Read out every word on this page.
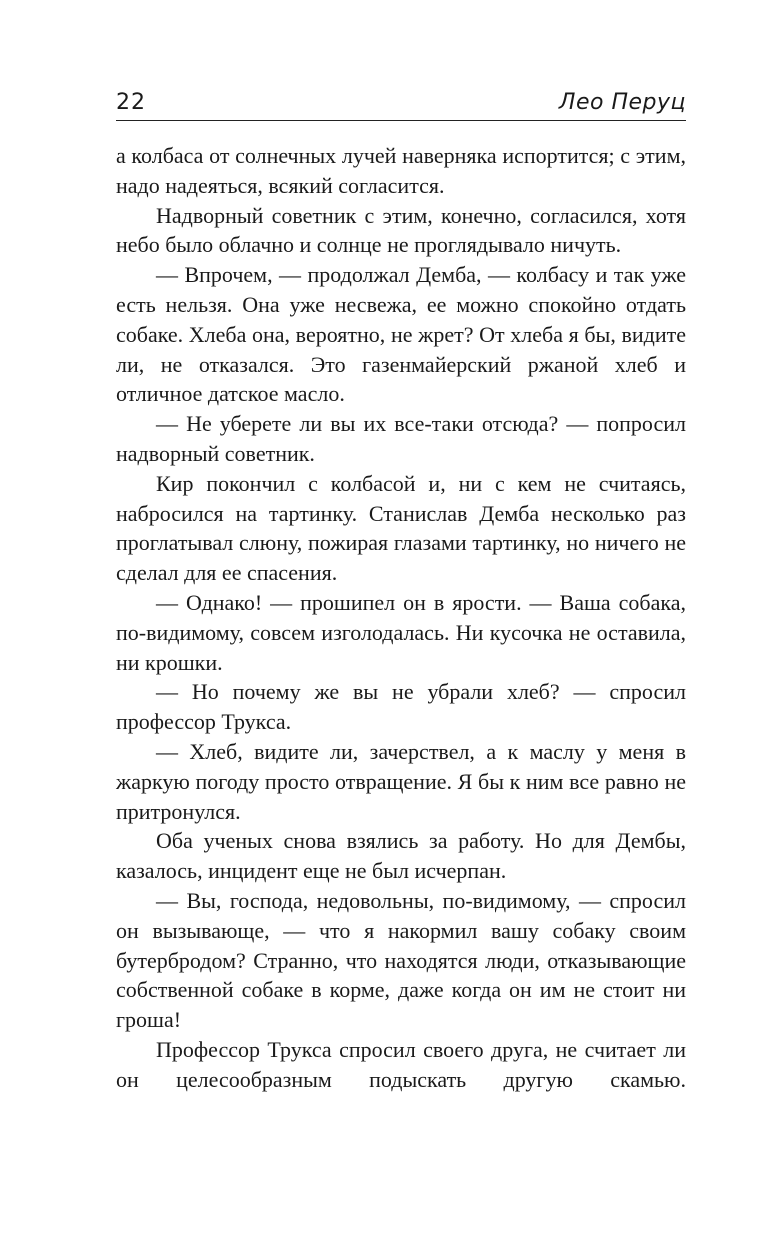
22	Лео Перуц

а колбаса от солнечных лучей наверняка испортится; с этим, надо надеяться, всякий согласится.

Надворный советник с этим, конечно, согласился, хотя небо было облачно и солнце не проглядывало ничуть.

— Впрочем, — продолжал Демба, — колбасу и так уже есть нельзя. Она уже несвежа, ее можно спокойно отдать собаке. Хлеба она, вероятно, не жрет? От хлеба я бы, видите ли, не отказался. Это газенмайерский ржаной хлеб и отличное датское масло.

— Не уберете ли вы их все-таки отсюда? — попросил надворный советник.

Кир покончил с колбасой и, ни с кем не считаясь, набросился на тартинку. Станислав Демба несколько раз проглатывал слюну, пожирая глазами тартинку, но ничего не сделал для ее спасения.

— Однако! — прошипел он в ярости. — Ваша собака, по-видимому, совсем изголодалась. Ни кусочка не оставила, ни крошки.

— Но почему же вы не убрали хлеб? — спросил профессор Трукса.

— Хлеб, видите ли, зачерствел, а к маслу у меня в жаркую погоду просто отвращение. Я бы к ним все равно не притронулся.

Оба ученых снова взялись за работу. Но для Дембы, казалось, инцидент еще не был исчерпан.

— Вы, господа, недовольны, по-видимому, — спросил он вызывающе, — что я накормил вашу собаку своим бутербродом? Странно, что находятся люди, отказывающие собственной собаке в корме, даже когда он им не стоит ни гроша!

Профессор Трукса спросил своего друга, не считает ли он целесообразным подыскать другую скамью.
